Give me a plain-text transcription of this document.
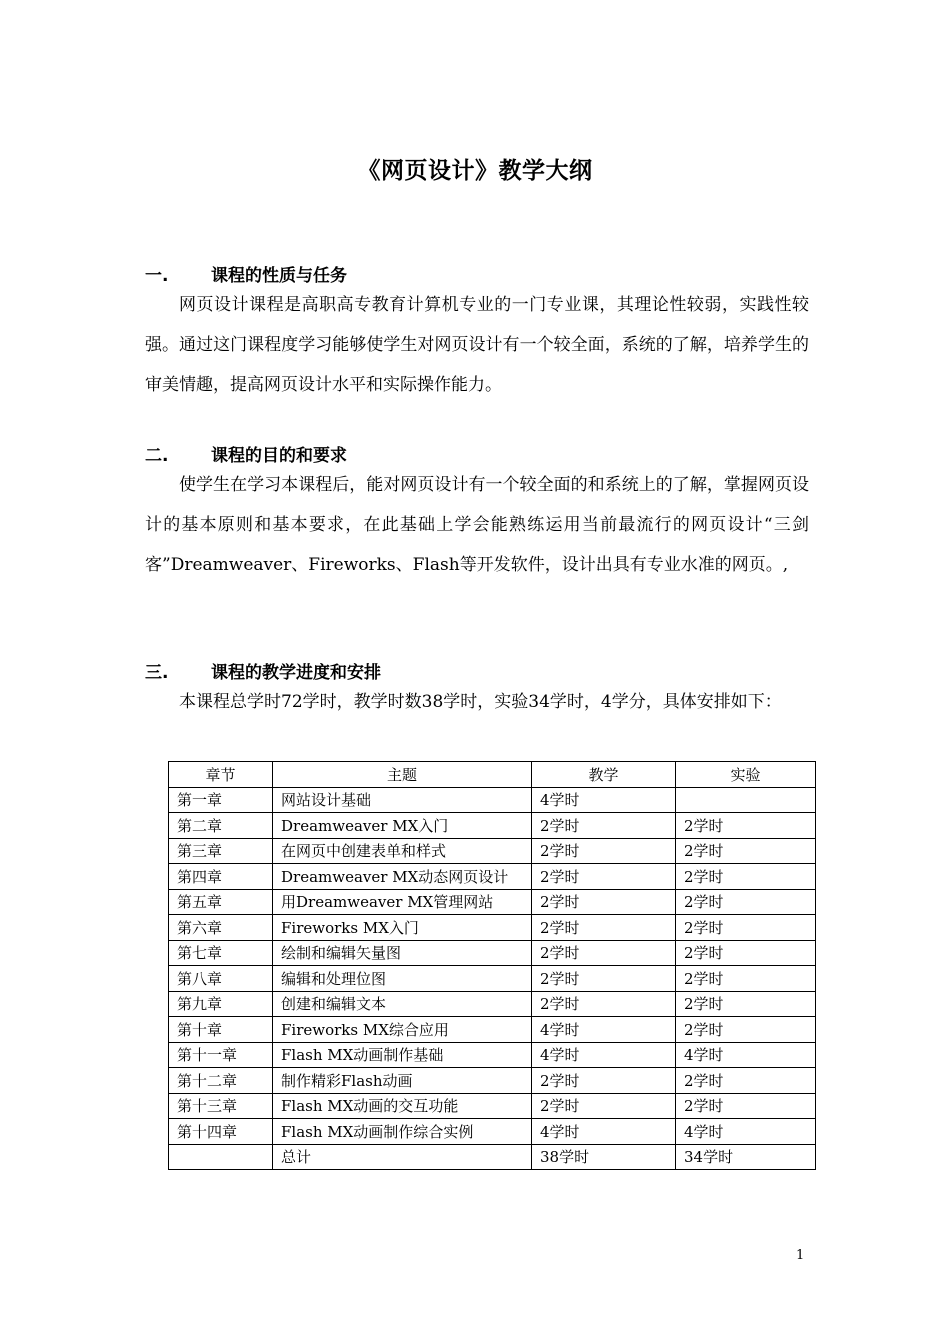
《网页设计》教学大纲
一.	课程的性质与任务

网页设计课程是高职高专教育计算机专业的一门专业课，其理论性较弱，实践性较强。通过这门课程度学习能够使学生对网页设计有一个较全面，系统的了解，培养学生的审美情趣，提高网页设计水平和实际操作能力。

二.	课程的目的和要求

使学生在学习本课程后，能对网页设计有一个较全面的和系统上的了解，掌握网页设计的基本原则和基本要求，在此基础上学会能熟练运用当前最流行的网页设计“三剑客”Dreamweaver、Fireworks、Flash等开发软件，设计出具有专业水准的网页。,

三.	课程的教学进度和安排

本课程总学时72学时，教学时数38学时，实验34学时，4学分，具体安排如下：

章节	主题	教学	实验
第一章	网站设计基础	4学时	
第二章	Dreamweaver MX入门	2学时	2学时
第三章	在网页中创建表单和样式	2学时	2学时
第四章	Dreamweaver MX动态网页设计	2学时	2学时
第五章	用Dreamweaver MX管理网站	2学时	2学时
第六章	Fireworks MX入门	2学时	2学时
第七章	绘制和编辑矢量图	2学时	2学时
第八章	编辑和处理位图	2学时	2学时
第九章	创建和编辑文本	2学时	2学时
第十章	Fireworks MX综合应用	4学时	2学时
第十一章	Flash MX动画制作基础	4学时	4学时
第十二章	制作精彩Flash动画	2学时	2学时
第十三章	Flash MX动画的交互功能	2学时	2学时
第十四章	Flash MX动画制作综合实例	4学时	4学时
	总计	38学时	34学时
1
